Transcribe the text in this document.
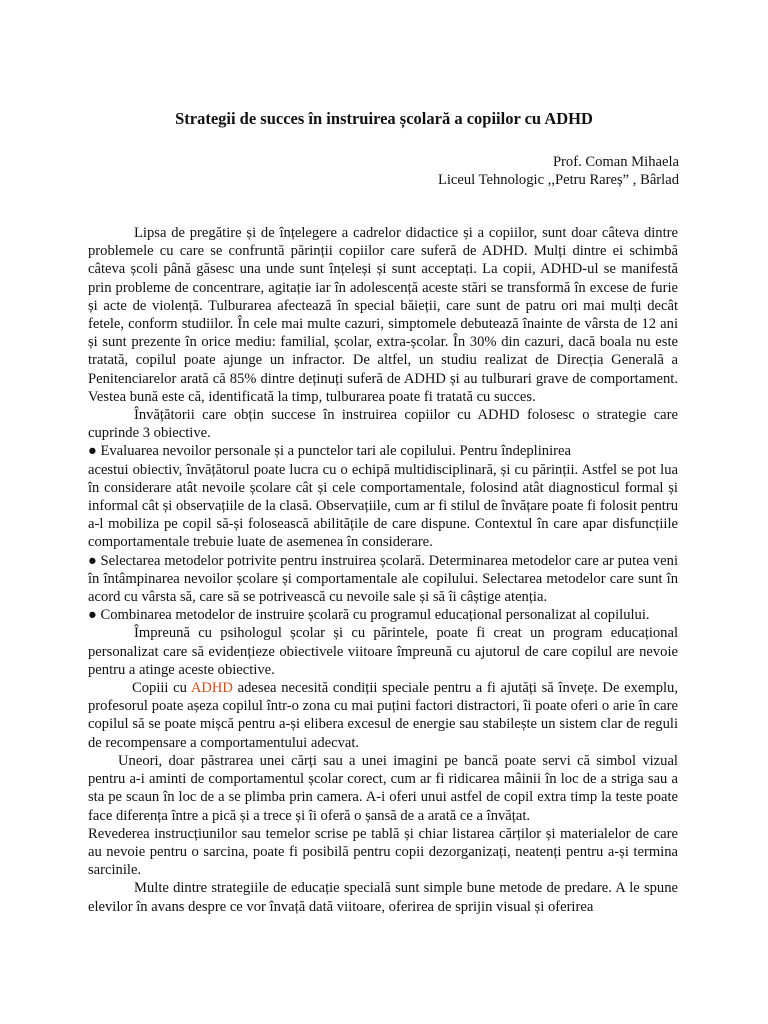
Strategii de succes în instruirea școlară a copiilor cu ADHD
Prof. Coman Mihaela
Liceul Tehnologic ,,Petru Rareș” , Bârlad

Lipsa de pregătire și de înțelegere a cadrelor didactice și a copiilor, sunt doar câteva dintre problemele cu care se confruntă părinții copiilor care suferă de ADHD. Mulți dintre ei schimbă câteva școli până găsesc una unde sunt înțeleși și sunt acceptați. La copii, ADHD-ul se manifestă prin probleme de concentrare, agitație iar în adolescență aceste stări se transformă în excese de furie și acte de violență. Tulburarea afectează în special băieții, care sunt de patru ori mai mulți decât fetele, conform studiilor. În cele mai multe cazuri, simptomele debutează înainte de vârsta de 12 ani și sunt prezente în orice mediu: familial, școlar, extra-școlar. În 30% din cazuri, dacă boala nu este tratată, copilul poate ajunge un infractor. De altfel, un studiu realizat de Direcția Generală a Penitenciarelor arată că 85% dintre deținuți suferă de ADHD și au tulburari grave de comportament. Vestea bună este că, identificată la timp, tulburarea poate fi tratată cu succes.

Învățătorii care obțin succese în instruirea copiilor cu ADHD folosesc o strategie care cuprinde 3 obiective.

● Evaluarea nevoilor personale și a punctelor tari ale copilului. Pentru îndeplinirea

acestui obiectiv, învățătorul poate lucra cu o echipă multidisciplinară, și cu părinții. Astfel se pot lua în considerare atât nevoile școlare cât și cele comportamentale, folosind atât diagnosticul formal și informal cât și observațiile de la clasă. Observațiile, cum ar fi stilul de învățare poate fi folosit pentru a-l mobiliza pe copil să-și folosească abilitățile de care dispune. Contextul în care apar disfuncțiile comportamentale trebuie luate de asemenea în considerare.

● Selectarea metodelor potrivite pentru instruirea școlară. Determinarea metodelor care ar putea veni în întâmpinarea nevoilor școlare și comportamentale ale copilului. Selectarea metodelor care sunt în acord cu vârsta să, care să se potrivească cu nevoile sale și să îi câștige atenția.

● Combinarea metodelor de instruire școlară cu programul educațional personalizat al copilului.

Împreună cu psihologul școlar și cu părintele, poate fi creat un program educațional personalizat care să evidențieze obiectivele viitoare împreună cu ajutorul de care copilul are nevoie pentru a atinge aceste obiective.

Copiii cu ADHD adesea necesită condiții speciale pentru a fi ajutăți să învețe. De exemplu, profesorul poate așeza copilul într-o zona cu mai puțini factori distractori, îi poate oferi o arie în care copilul să se poate mișcă pentru a-și elibera excesul de energie sau stabilește un sistem clar de reguli de recompensare a comportamentului adecvat.

Uneori, doar păstrarea unei cărți sau a unei imagini pe bancă poate servi că simbol vizual pentru a-i aminti de comportamentul școlar corect, cum ar fi ridicarea mâinii în loc de a striga sau a sta pe scaun în loc de a se plimba prin camera. A-i oferi unui astfel de copil extra timp la teste poate face diferența între a pică și a trece și îi oferă o șansă de a arată ce a învățat.

Revederea instrucțiunilor sau temelor scrise pe tablă și chiar listarea cărților și materialelor de care au nevoie pentru o sarcina, poate fi posibilă pentru copii dezorganizați, neatenți pentru a-și termina sarcinile.

Multe dintre strategiile de educație specială sunt simple bune metode de predare. A le spune elevilor în avans despre ce vor învață dată viitoare, oferirea de sprijin visual și oferirea
